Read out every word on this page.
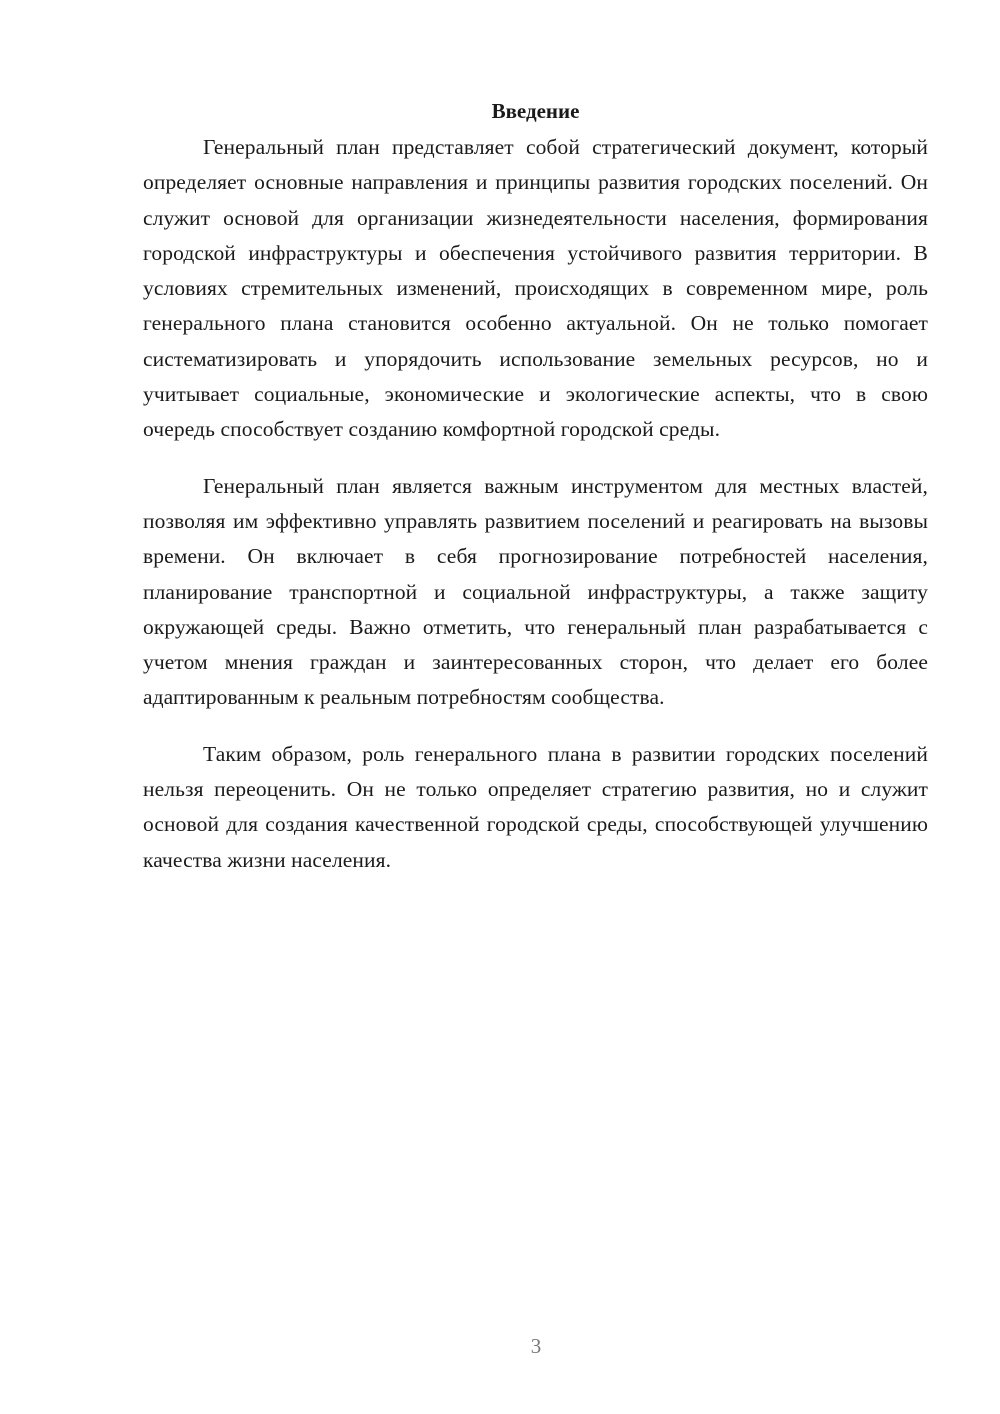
Введение

Генеральный план представляет собой стратегический документ, который определяет основные направления и принципы развития городских поселений. Он служит основой для организации жизнедеятельности населения, формирования городской инфраструктуры и обеспечения устойчивого развития территории. В условиях стремительных изменений, происходящих в современном мире, роль генерального плана становится особенно актуальной. Он не только помогает систематизировать и упорядочить использование земельных ресурсов, но и учитывает социальные, экономические и экологические аспекты, что в свою очередь способствует созданию комфортной городской среды.

Генеральный план является важным инструментом для местных властей, позволяя им эффективно управлять развитием поселений и реагировать на вызовы времени. Он включает в себя прогнозирование потребностей населения, планирование транспортной и социальной инфраструктуры, а также защиту окружающей среды. Важно отметить, что генеральный план разрабатывается с учетом мнения граждан и заинтересованных сторон, что делает его более адаптированным к реальным потребностям сообщества.

Таким образом, роль генерального плана в развитии городских поселений нельзя переоценить. Он не только определяет стратегию развития, но и служит основой для создания качественной городской среды, способствующей улучшению качества жизни населения.

3
